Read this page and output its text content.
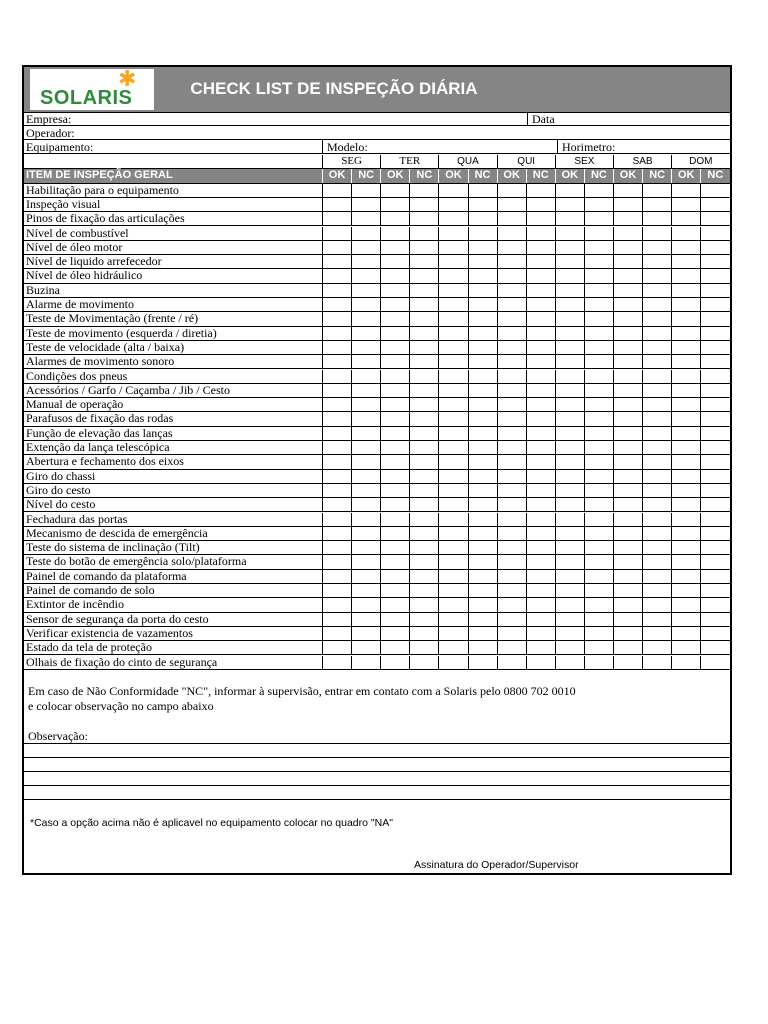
✱
SOLARIS	CHECK LIST DE INSPEÇÃO DIÁRIA
Empresa:	Data
Operador:
Equipamento:	Modelo:	Horimetro:
SEG	TER	QUA	QUI	SEX	SAB	DOM
ITEM DE INSPEÇÃO GERAL	OK	NC	OK	NC	OK	NC	OK	NC	OK	NC	OK	NC	OK	NC
Habilitação para o equipamento
Inspeção visual
Pinos de fixação das articulações
Nível de combustível
Nível de óleo motor
Nível de liquido arrefecedor
Nível de óleo hidráulico
Buzina
Alarme de movimento
Teste de Movimentação (frente / ré)
Teste de movimento (esquerda / diretia)
Teste de velocidade (alta / baixa)
Alarmes de movimento sonoro
Condições dos pneus
Acessórios / Garfo / Caçamba / Jib / Cesto
Manual de operação
Parafusos de fixação das rodas
Função de elevação das lanças
Extenção da lança telescópica
Abertura e fechamento dos eixos
Giro do chassi
Giro do cesto
Nível do cesto
Fechadura das portas
Mecanismo de descida de emergência
Teste do sistema de inclinação (Tilt)
Teste do botão de emergência solo/plataforma
Painel de comando da plataforma
Painel de comando de solo
Extintor de incêndio
Sensor de segurança da porta do cesto
Verificar existencia de vazamentos
Estado da tela de proteção
Olhais de fixação do cinto de segurança
Em caso de Não Conformidade "NC", informar à supervisão, entrar em contato com a Solaris pelo 0800 702 0010
e colocar observação no campo abaixo
Observação:
*Caso a opção acima não é aplicavel no equipamento colocar no quadro "NA"
Assinatura do Operador/Supervisor
